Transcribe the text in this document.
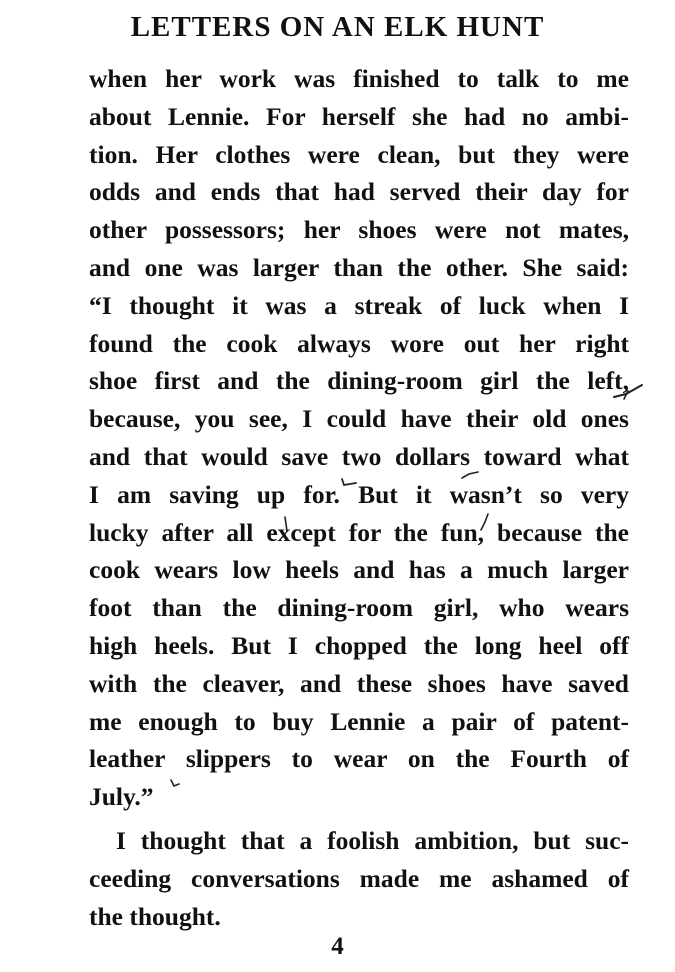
LETTERS ON AN ELK HUNT
when her work was finished to talk to me
about Lennie. For herself she had no ambi-
tion. Her clothes were clean, but they were
odds and ends that had served their day for
other possessors; her shoes were not mates,
and one was larger than the other. She said:
“I thought it was a streak of luck when I
found the cook always wore out her right
shoe first and the dining-room girl the left,
because, you see, I could have their old ones
and that would save two dollars toward what
I am saving up for. But it wasn’t so very
lucky after all except for the fun, because the
cook wears low heels and has a much larger
foot than the dining-room girl, who wears
high heels. But I chopped the long heel off
with the cleaver, and these shoes have saved
me enough to buy Lennie a pair of patent-
leather slippers to wear on the Fourth of
July.”
I thought that a foolish ambition, but suc-
ceeding conversations made me ashamed of
the thought.
4
